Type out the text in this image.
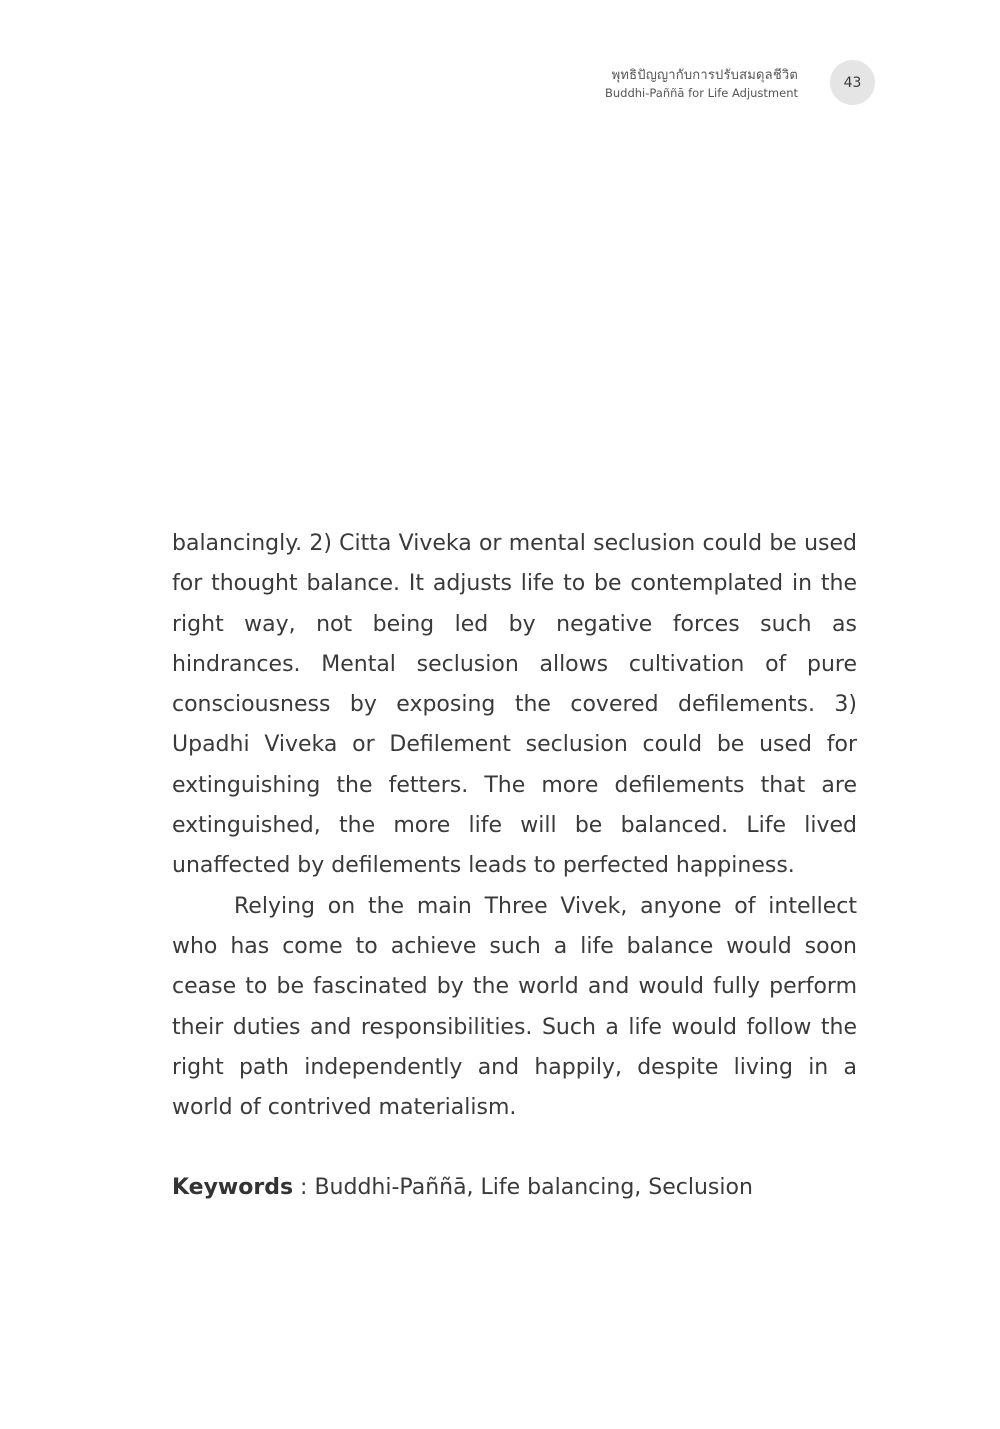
พุทธิปัญญากับการปรับสมดุลชีวิต
Buddhi-Paññā for Life Adjustment
43

balancingly. 2) Citta Viveka or mental seclusion could be used for thought balance. It adjusts life to be contemplated in the right way, not being led by negative forces such as hindrances. Mental seclusion allows cultivation of pure consciousness by exposing the covered defilements. 3) Upadhi Viveka or Defilement seclusion could be used for extinguishing the fetters. The more defilements that are extinguished, the more life will be balanced. Life lived unaffected by defilements leads to perfected happiness.

Relying on the main Three Vivek, anyone of intellect who has come to achieve such a life balance would soon cease to be fascinated by the world and would fully perform their duties and responsibilities. Such a life would follow the right path independently and happily, despite living in a world of contrived materialism.

Keywords : Buddhi-Paññā, Life balancing, Seclusion
